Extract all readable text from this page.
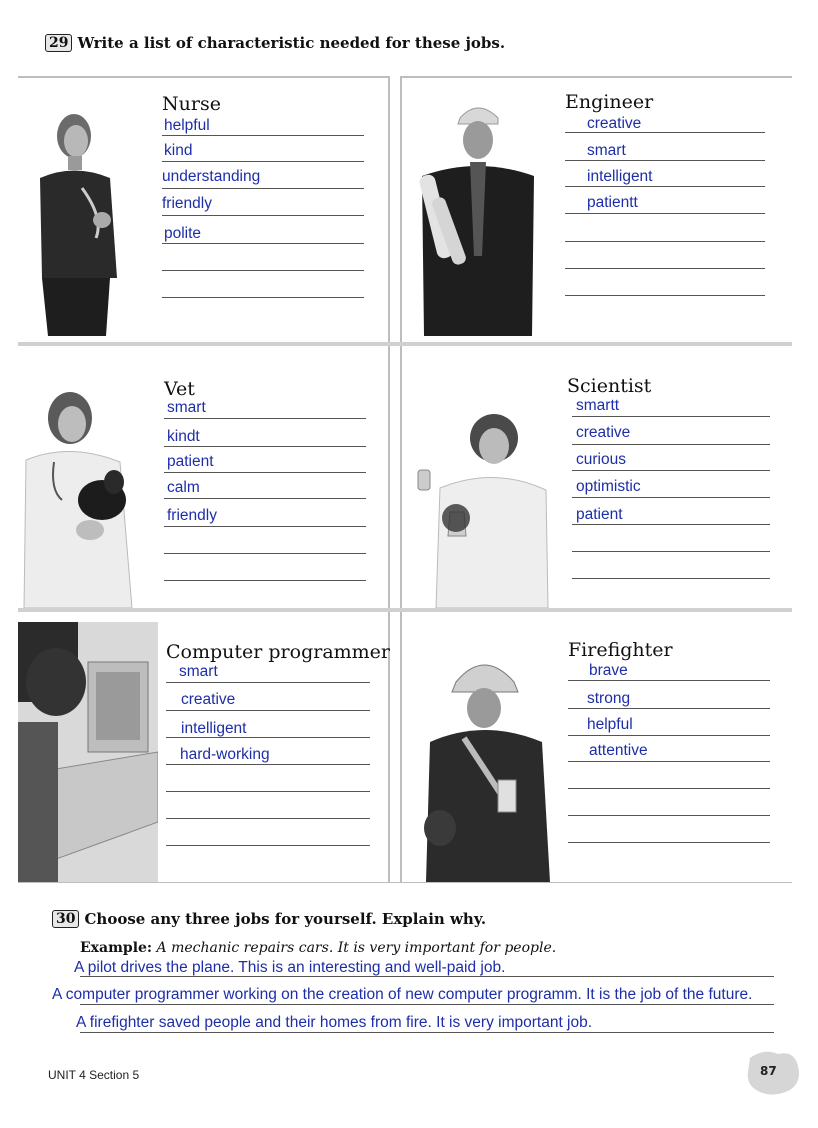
29 Write a list of characteristic needed for these jobs.
Nurse
helpful
kind
understanding
friendly
polite
Engineer
creative
smart
intelligent
patientt
Vet
smart
kindt
patient
calm
friendly
Scientist
smartt
creative
curious
optimistic
patient
Computer programmer
smart
creative
intelligent
hard-working
Firefighter
brave
strong
helpful
attentive
30 Choose any three jobs for yourself. Explain why.
Example: A mechanic repairs cars. It is very important for people.
A pilot drives the plane. This is an interesting and well-paid job.
A computer programmer working on the creation of new computer programm. It is the job of the future.
A firefighter saved people and their homes from fire. It is very important job.
UNIT 4 Section 5	87
